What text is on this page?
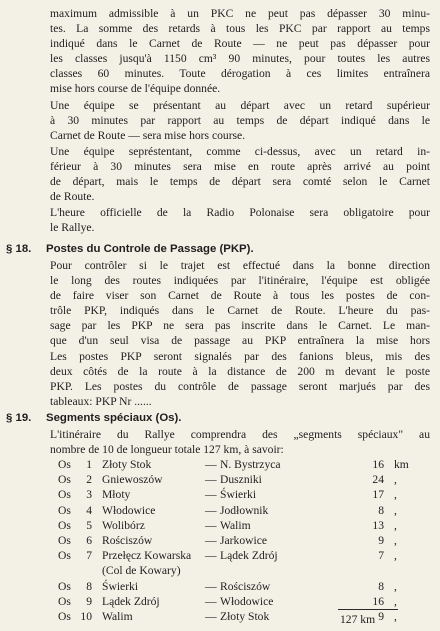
maximum admissible à un PKC ne peut pas dépasser 30 minu-
tes. La somme des retards à tous les PKC par rapport au temps
indiqué dans le Carnet de Route — ne peut pas dépasser pour
les classes jusqu'à 1150 cm³ 90 minutes, pour toutes les autres
classes 60 minutes. Toute dérogation à ces limites entraînera
mise hors course de l'équipe donnée.
Une équipe se présentant au départ avec un retard supérieur
à 30 minutes par rapport au temps de départ indiqué dans le
Carnet de Route — sera mise hors course.
Une équipe sepréstentant, comme ci-dessus, avec un retard in-
férieur à 30 minutes sera mise en route après arrivé au point
de départ, mais le temps de départ sera comté selon le Carnet
de Route.
L'heure officielle de la Radio Polonaise sera obligatoire pour
le Rallye.
§ 18. Postes du Controle de Passage (PKP).
Pour contrôler si le trajet est effectué dans la bonne direction
le long des routes indiquées par l'itinéraire, l'équipe est obligée
de faire viser son Carnet de Route à tous les postes de con-
trôle PKP, indiqués dans le Carnet de Route. L'heure du pas-
sage par les PKP ne sera pas inscrite dans le Carnet. Le man-
que d'un seul visa de passage au PKP entraînera la mise hors
Les postes PKP seront signalés par des fanions bleus, mis des
deux côtés de la route à la distance de 200 m devant le poste
PKP. Les postes du contrôle de passage seront marjués par des
tableaux: PKP Nr ......
§ 19. Segments spéciaux (Os).
L'itinéraire du Rallye comprendra des „segments spéciaux" au
nombre de 10 de longueur totale 127 km, à savoir:
Os	1 Złoty Stok	— N. Bystrzyca	16 km
Os	2 Gniewoszów	— Duszniki	24 ,
Os	3 Młoty	— Świerki	17 ,
Os	4 Włodowice	— Jodłownik	8 ,
Os	5 Wolibórz	— Walim	13 ,
Os	6 Rościszów	— Jarkowice	9 ,
Os	7 Przełęcz Kowarska — Lądek Zdrój	7 ,
(Col de Kowary)
Os	8 Świerki	— Rościszów	8 ,
Os	9 Lądek Zdrój	— Włodowice	16 ,
Os 10 Walim	— Złoty Stok	9 ,
127 km
